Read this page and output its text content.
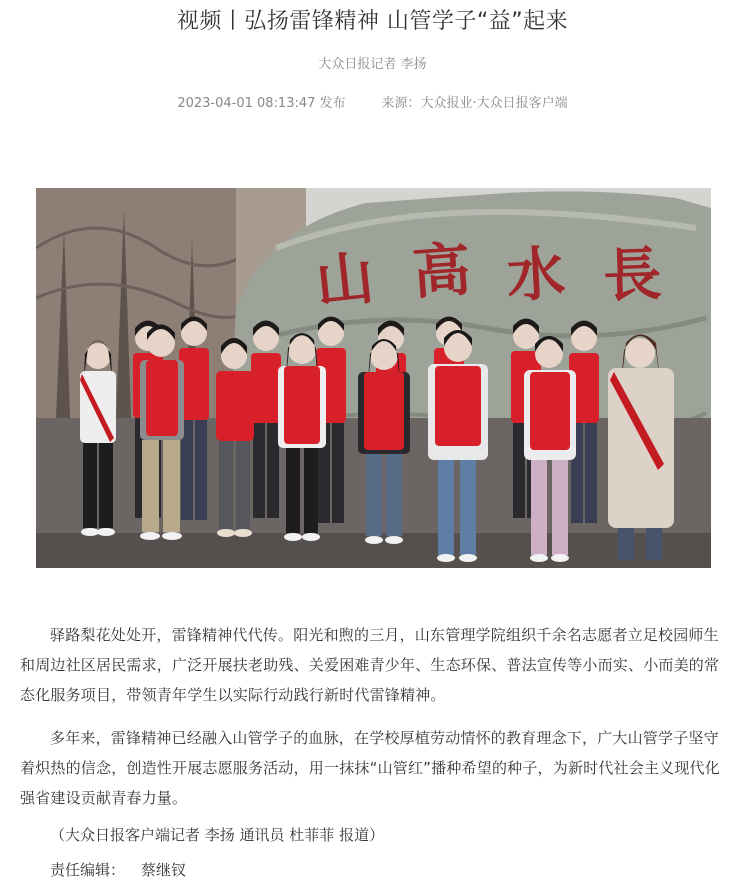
视频丨弘扬雷锋精神 山管学子“益”起来
大众日报记者 李扬
2023-04-01 08:13:47 发布	来源：大众报业·大众日报客户端
山 高 水 長

驿路梨花处处开，雷锋精神代代传。阳光和煦的三月，山东管理学院组织千余名志愿者立足校园师生和周边社区居民需求，广泛开展扶老助残、关爱困难青少年、生态环保、普法宣传等小而实、小而美的常态化服务项目，带领青年学生以实际行动践行新时代雷锋精神。

多年来，雷锋精神已经融入山管学子的血脉，在学校厚植劳动情怀的教育理念下，广大山管学子坚守着炽热的信念，创造性开展志愿服务活动，用一抹抹“山管红”播种希望的种子，为新时代社会主义现代化强省建设贡献青春力量。

（大众日报客户端记者 李扬 通讯员 杜菲菲 报道）
责任编辑： 蔡继钗
